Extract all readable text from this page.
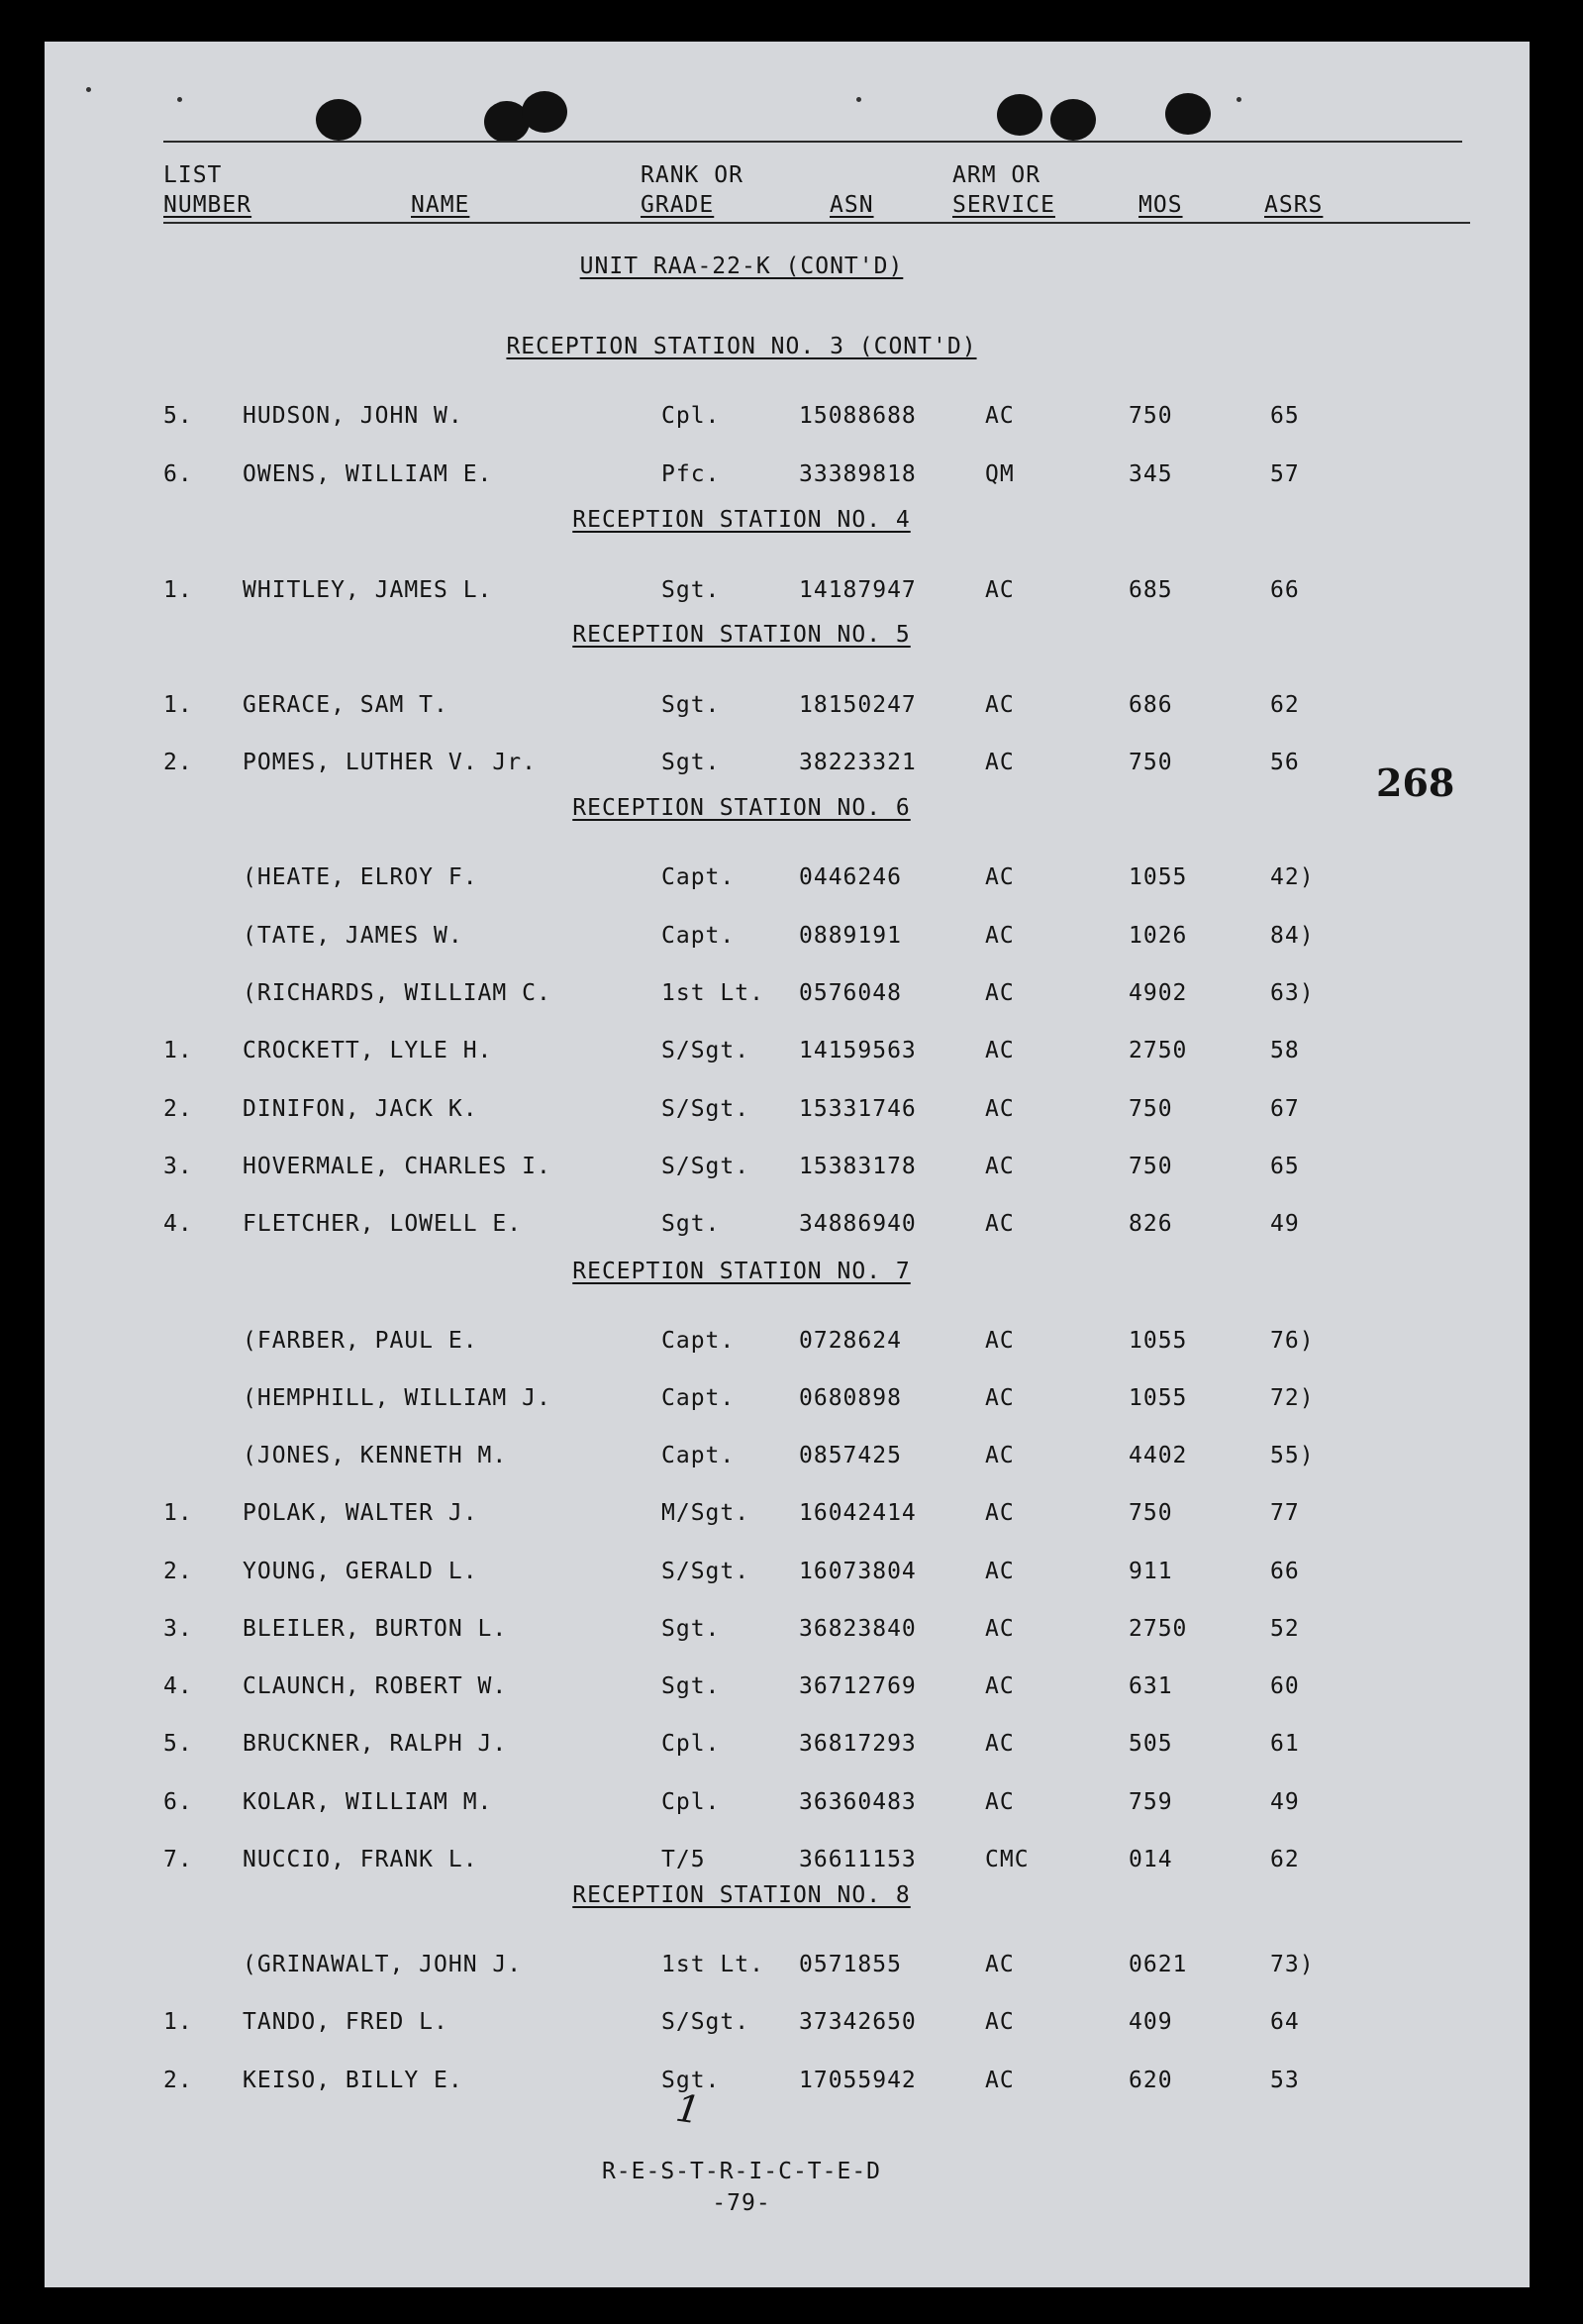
LIST
NUMBER	NAME
RANK OR
GRADE	ASN
ARM OR
SERVICE	MOS	ASRS
UNIT RAA-22-K (CONT'D)
268
RECEPTION STATION NO. 3 (CONT'D)
5. HUDSON, JOHN W.	Cpl.	15088688	AC	750	65
6. OWENS, WILLIAM E.	Pfc.	33389818	QM	345	57
RECEPTION STATION NO. 4
1. WHITLEY, JAMES L.	Sgt.	14187947	AC	685	66
RECEPTION STATION NO. 5
1. GERACE, SAM T.	Sgt.	18150247	AC	686	62
2. POMES, LUTHER V. Jr.	Sgt.	38223321	AC	750	56
RECEPTION STATION NO. 6
(HEATE, ELROY F.	Capt.	0446246	AC	1055	42)
(TATE, JAMES W.	Capt.	0889191	AC	1026	84)
(RICHARDS, WILLIAM C.	1st Lt. 0576048	AC	4902	63)
1. CROCKETT, LYLE H.	S/Sgt. 14159563	AC	2750	58
2. DINIFON, JACK K.	S/Sgt. 15331746	AC	750	67
3. HOVERMALE, CHARLES I.	S/Sgt. 15383178	AC	750	65
4. FLETCHER, LOWELL E.	Sgt.	34886940	AC	826	49
RECEPTION STATION NO. 7
(FARBER, PAUL E.	Capt.	0728624	AC	1055	76)
(HEMPHILL, WILLIAM J.	Capt.	0680898	AC	1055	72)
(JONES, KENNETH M.	Capt.	0857425	AC	4402	55)
1. POLAK, WALTER J.	M/Sgt. 16042414	AC	750	77
2. YOUNG, GERALD L.	S/Sgt. 16073804	AC	911	66
3. BLEILER, BURTON L.	Sgt.	36823840	AC	2750	52
4. CLAUNCH, ROBERT W.	Sgt.	36712769	AC	631	60
5. BRUCKNER, RALPH J.	Cpl.	36817293	AC	505	61
6. KOLAR, WILLIAM M.	Cpl.	36360483	AC	759	49
7. NUCCIO, FRANK L.	T/5	36611153	CMC	014	62
RECEPTION STATION NO. 8
(GRINAWALT, JOHN J.	1st Lt. 0571855	AC	0621	73)
1. TANDO, FRED L.	S/Sgt. 37342650	AC	409	64
2. KEISO, BILLY E.	Sgt.	17055942	AC	620	53
1
R-E-S-T-R-I-C-T-E-D
-79-
